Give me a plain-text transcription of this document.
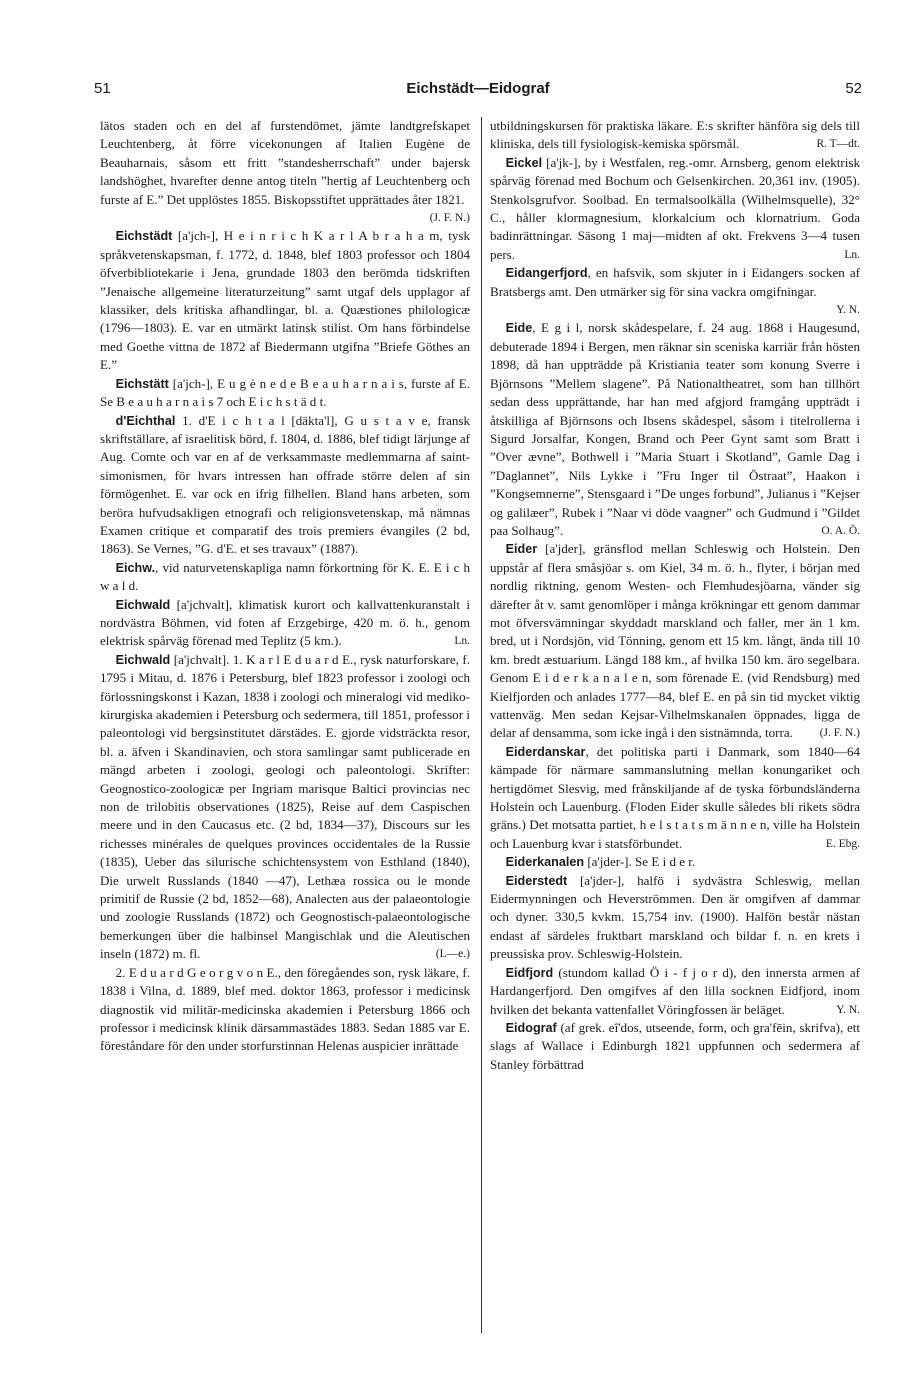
51	Eichstädt—Eidograf	52

lätos staden och en del af furstendömet, jämte landtgrefskapet Leuchtenberg, åt förre vicekonungen af Italien Eugène de Beauharnais, såsom ett fritt ”standesherrschaft” under bajersk landshöghet, hvarefter denne antog titeln ”hertig af Leuchtenberg och furste af E.” Det upplöstes 1855. Biskopsstiftet upprättades åter 1821.
(J. F. N.)

Eichstädt [a'jch-], H e i n r i c h K a r l A b r a h a m, tysk språkvetenskapsman, f. 1772, d. 1848, blef 1803 professor och 1804 öfverbibliotekarie i Jena, grundade 1803 den berömda tidskriften ”Jenaische allgemeine literaturzeitung” samt utgaf dels upplagor af klassiker, dels kritiska afhandlingar, bl. a. Quæstiones philologicæ (1796—1803). E. var en utmärkt latinsk stilist. Om hans förbindelse med Goethe vittna de 1872 af Biedermann utgifna ”Briefe Göthes an E.”

Eichstätt [a'jch-], E u g è n e d e B e a u h a r n a i s, furste af E. Se B e a u h a r n a i s 7 och E i c h s t ä d t.

d'Eichthal 1. d'E i c h t a l [däkta'l], G u s t a v e, fransk skriftställare, af israelitisk börd, f. 1804, d. 1886, blef tidigt lärjunge af Aug. Comte och var en af de verksammaste medlemmarna af saint-simonismen, för hvars intressen han offrade större delen af sin förmögenhet. E. var ock en ifrig filhellen. Bland hans arbeten, som beröra hufvudsakligen etnografi och religionsvetenskap, må nämnas Examen critique et comparatif des trois premiers évangiles (2 bd, 1863). Se Vernes, ”G. d'E. et ses travaux” (1887).

Eichw., vid naturvetenskapliga namn förkortning för K. E. E i c h w a l d.

Eichwald [a'jchvalt], klimatisk kurort och kallvattenkuranstalt i nordvästra Böhmen, vid foten af Erzgebirge, 420 m. ö. h., genom elektrisk spårväg förenad med Teplitz (5 km.).	Ln.

Eichwald [a'jchvalt]. 1. K a r l E d u a r d E., rysk naturforskare, f. 1795 i Mitau, d. 1876 i Petersburg, blef 1823 professor i zoologi och förlossningskonst i Kazan, 1838 i zoologi och mineralogi vid mediko-kirurgiska akademien i Petersburg och sedermera, till 1851, professor i paleontologi vid bergsinstitutet därstädes. E. gjorde vidsträckta resor, bl. a. äfven i Skandinavien, och stora samlingar samt publicerade en mängd arbeten i zoologi, geologi och paleontologi. Skrifter: Geognostico-zoologicæ per Ingriam marisque Baltici provincias nec non de trilobitis observationes (1825), Reise auf dem Caspischen meere und in den Caucasus etc. (2 bd, 1834—37), Discours sur les richesses minérales de quelques provinces occidentales de la Russie (1835), Ueber das silurische schichtensystem von Esthland (1840), Die urwelt Russlands (1840 —47), Lethæa rossica ou le monde primitif de Russie (2 bd, 1852—68), Analecten aus der palaeontologie und zoologie Russlands (1872) och Geognostisch-palaeontologische bemerkungen über die halbinsel Mangischlak und die Aleutischen inseln (1872) m. fl.	(L—e.)

2. E d u a r d G e o r g v o n E., den föregåendes son, rysk läkare, f. 1838 i Vilna, d. 1889, blef med. doktor 1863, professor i medicinsk diagnostik vid militär-medicinska akademien i Petersburg 1866 och professor i medicinsk klinik därsammastädes 1883. Sedan 1885 var E. föreståndare för den under storfurstinnan Helenas auspicier inrättade

utbildningskursen för praktiska läkare. E:s skrifter hänföra sig dels till kliniska, dels till fysiologisk-kemiska spörsmål.	R. T—dt.

Eickel [a'jk-], by i Westfalen, reg.-omr. Arnsberg, genom elektrisk spårväg förenad med Bochum och Gelsenkirchen. 20,361 inv. (1905). Stenkolsgrufvor. Soolbad. En termalsoolkälla (Wilhelmsquelle), 32° C., håller klormagnesium, klorkalcium och klornatrium. Goda badinrättningar. Säsong 1 maj—midten af okt. Frekvens 3—4 tusen pers.	Ln.

Eidangerfjord, en hafsvik, som skjuter in i Eidangers socken af Bratsbergs amt. Den utmärker sig för sina vackra omgifningar.
Y. N.

Eide, E g i l, norsk skådespelare, f. 24 aug. 1868 i Haugesund, debuterade 1894 i Bergen, men räknar sin sceniska karriär från hösten 1898, då han uppträdde på Kristiania teater som konung Sverre i Björnsons ”Mellem slagene”. På Nationaltheatret, som han tillhört sedan dess upprättande, har han med afgjord framgång uppträdt i åtskilliga af Björnsons och Ibsens skådespel, såsom i titelrollerna i Sigurd Jorsalfar, Kongen, Brand och Peer Gynt samt som Bratt i ”Over ævne”, Bothwell i ”Maria Stuart i Skotland”, Gamle Dag i ”Daglannet”, Nils Lykke i ”Fru Inger til Östraat”, Haakon i ”Kongsemnerne”, Stensgaard i ”De unges forbund”, Julianus i ”Kejser og galilæer”, Rubek i ”Naar vi döde vaagner” och Gudmund i ”Gildet paa Solhaug”.	O. A. Ö.

Eider [a'jder], gränsflod mellan Schleswig och Holstein. Den uppstår af flera småsjöar s. om Kiel, 34 m. ö. h., flyter, i början med nordlig riktning, genom Westen- och Flemhudesjöarna, vänder sig därefter åt v. samt genomlöper i många krökningar ett genom dammar mot öfversvämningar skyddadt marskland och faller, mer än 1 km. bred, ut i Nordsjön, vid Tönning, genom ett 15 km. långt, ända till 10 km. bredt æstuarium. Längd 188 km., af hvilka 150 km. äro segelbara. Genom E i d e r k a n a l e n, som förenade E. (vid Rendsburg) med Kielfjorden och anlades 1777—84, blef E. en på sin tid mycket viktig vattenväg. Men sedan Kejsar-Vilhelmskanalen öppnades, ligga de delar af densamma, som icke ingå i den sistnämnda, torra.	(J. F. N.)

Eiderdanskar, det politiska parti i Danmark, som 1840—64 kämpade för närmare sammanslutning mellan konungariket och hertigdömet Slesvig, med frånskiljande af de tyska förbundsländerna Holstein och Lauenburg. (Floden Eider skulle således bli rikets södra gräns.) Det motsatta partiet, h e l s t a t s m ä n n e n, ville ha Holstein och Lauenburg kvar i statsförbundet.	E. Ebg.

Eiderkanalen [a'jder-]. Se E i d e r.

Eiderstedt [a'jder-], halfö i sydvästra Schleswig, mellan Eidermynningen och Heverströmmen. Den är omgifven af dammar och dyner. 330,5 kvkm. 15,754 inv. (1900). Halfön består nästan endast af särdeles fruktbart marskland och bildar f. n. en krets i preussiska prov. Schleswig-Holstein.

Eidfjord (stundom kallad Ö i - f j o r d), den innersta armen af Hardangerfjord. Den omgifves af den lilla socknen Eidfjord, inom hvilken det bekanta vattenfallet Vöringfossen är beläget.	Y. N.

Eidograf (af grek. eî'dos, utseende, form, och gra'fēin, skrifva), ett slags af Wallace i Edinburgh 1821 uppfunnen och sedermera af Stanley förbättrad
